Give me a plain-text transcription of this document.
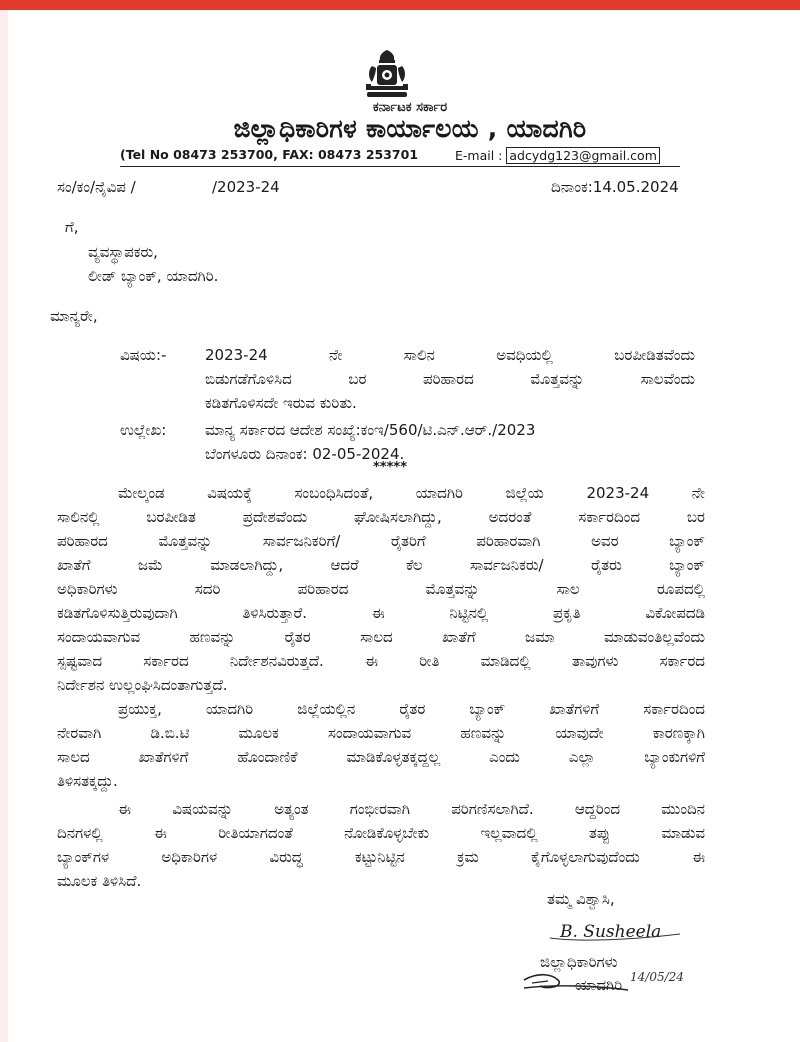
ಕರ್ನಾಟಕ ಸರ್ಕಾರ
ಜಿಲ್ಲಾಧಿಕಾರಿಗಳ ಕಾರ್ಯಾಲಯ , ಯಾದಗಿರಿ
(Tel No 08473 253700, FAX: 08473 253701	E-mail : adcydg123@gmail.com
ಸಂ/ಕಂ/ನೈವಿಪ /	/2023-24	ದಿನಾಂಕ:14.05.2024
ಗೆ,
ವ್ಯವಸ್ಥಾಪಕರು,
ಲೀಡ್ ಬ್ಯಾಂಕ್, ಯಾದಗಿರಿ.
ಮಾನ್ಯರೇ,
ವಿಷಯ:-	2023-24 ನೇ ಸಾಲಿನ ಅವಧಿಯಲ್ಲಿ ಬರಪೀಡಿತವೆಂದು
ಬಿಡುಗಡೆಗೊಳಿಸಿದ ಬರ ಪರಿಹಾರದ ಮೊತ್ತವನ್ನು ಸಾಲವೆಂದು
ಕಡಿತಗೊಳಿಸದೇ ಇರುವ ಕುರಿತು.
ಉಲ್ಲೇಖ:	ಮಾನ್ಯ ಸರ್ಕಾರದ ಆದೇಶ ಸಂಖ್ಯೆ:ಕಂಇ/560/ಟಿ.ಎನ್.ಆರ್./2023
ಬೆಂಗಳೂರು ದಿನಾಂಕ: 02-05-2024.
*****
ಮೇಲ್ಕಂಡ ವಿಷಯಕ್ಕೆ ಸಂಬಂಧಿಸಿದಂತೆ, ಯಾದಗಿರಿ ಜಿಲ್ಲೆಯ 2023-24 ನೇ
ಸಾಲಿನಲ್ಲಿ ಬರಪೀಡಿತ ಪ್ರದೇಶವೆಂದು ಘೋಷಿಸಲಾಗಿದ್ದು, ಅದರಂತೆ ಸರ್ಕಾರದಿಂದ ಬರ
ಪರಿಹಾರದ ಮೊತ್ತವನ್ನು ಸಾರ್ವಜನಿಕರಿಗೆ/ ರೈತರಿಗೆ ಪರಿಹಾರವಾಗಿ ಅವರ ಬ್ಯಾಂಕ್
ಖಾತೆಗೆ ಜಮೆ ಮಾಡಲಾಗಿದ್ದು, ಆದರೆ ಕೆಲ ಸಾರ್ವಜನಿಕರು/ ರೈತರು ಬ್ಯಾಂಕ್
ಅಧಿಕಾರಿಗಳು ಸದರಿ ಪರಿಹಾರದ ಮೊತ್ತವನ್ನು ಸಾಲ ರೂಪದಲ್ಲಿ
ಕಡಿತಗೊಳಿಸುತ್ತಿರುವುದಾಗಿ ತಿಳಿಸಿರುತ್ತಾರೆ. ಈ ನಿಟ್ಟಿನಲ್ಲಿ ಪ್ರಕೃತಿ ವಿಕೋಪದಡಿ
ಸಂದಾಯವಾಗುವ ಹಣವನ್ನು ರೈತರ ಸಾಲದ ಖಾತೆಗೆ ಜಮಾ ಮಾಡುವಂತಿಲ್ಲವೆಂದು
ಸ್ಪಷ್ಟವಾದ ಸರ್ಕಾರದ ನಿರ್ದೇಶನವಿರುತ್ತದೆ. ಈ ರೀತಿ ಮಾಡಿದಲ್ಲಿ ತಾವುಗಳು ಸರ್ಕಾರದ
ನಿರ್ದೇಶನ ಉಲ್ಲಂಘಿಸಿದಂತಾಗುತ್ತದೆ.
ಪ್ರಯುಕ್ತ, ಯಾದಗಿರಿ ಜಿಲ್ಲೆಯಲ್ಲಿನ ರೈತರ ಬ್ಯಾಂಕ್ ಖಾತೆಗಳಿಗೆ ಸರ್ಕಾರದಿಂದ
ನೇರವಾಗಿ ಡಿ.ಬಿ.ಟಿ ಮೂಲಕ ಸಂದಾಯವಾಗುವ ಹಣವನ್ನು ಯಾವುದೇ ಕಾರಣಕ್ಕಾಗಿ
ಸಾಲದ ಖಾತೆಗಳಿಗೆ ಹೊಂದಾಣಿಕೆ ಮಾಡಿಕೊಳ್ಳತಕ್ಕದ್ದಲ್ಲ ಎಂದು ಎಲ್ಲಾ ಬ್ಯಾಂಕುಗಳಿಗೆ
ತಿಳಿಸತಕ್ಕದ್ದು.
ಈ ವಿಷಯವನ್ನು ಅತ್ಯಂತ ಗಂಭೀರವಾಗಿ ಪರಿಗಣಿಸಲಾಗಿದೆ. ಆದ್ದರಿಂದ ಮುಂದಿನ
ದಿನಗಳಲ್ಲಿ ಈ ರೀತಿಯಾಗದಂತೆ ನೋಡಿಕೊಳ್ಳಬೇಕು ಇಲ್ಲವಾದಲ್ಲಿ ತಪ್ಪು ಮಾಡುವ
ಬ್ಯಾಂಕ್‌ಗಳ ಅಧಿಕಾರಿಗಳ ವಿರುದ್ಧ ಕಟ್ಟುನಿಟ್ಟಿನ ಕ್ರಮ ಕೈಗೊಳ್ಳಲಾಗುವುದೆಂದು ಈ
ಮೂಲಕ ತಿಳಿಸಿದೆ.
ತಮ್ಮ ವಿಶ್ವಾಸಿ,
B. Susheela
ಜಿಲ್ಲಾಧಿಕಾರಿಗಳು
ಯಾದಗಿರಿ 14/05/24
